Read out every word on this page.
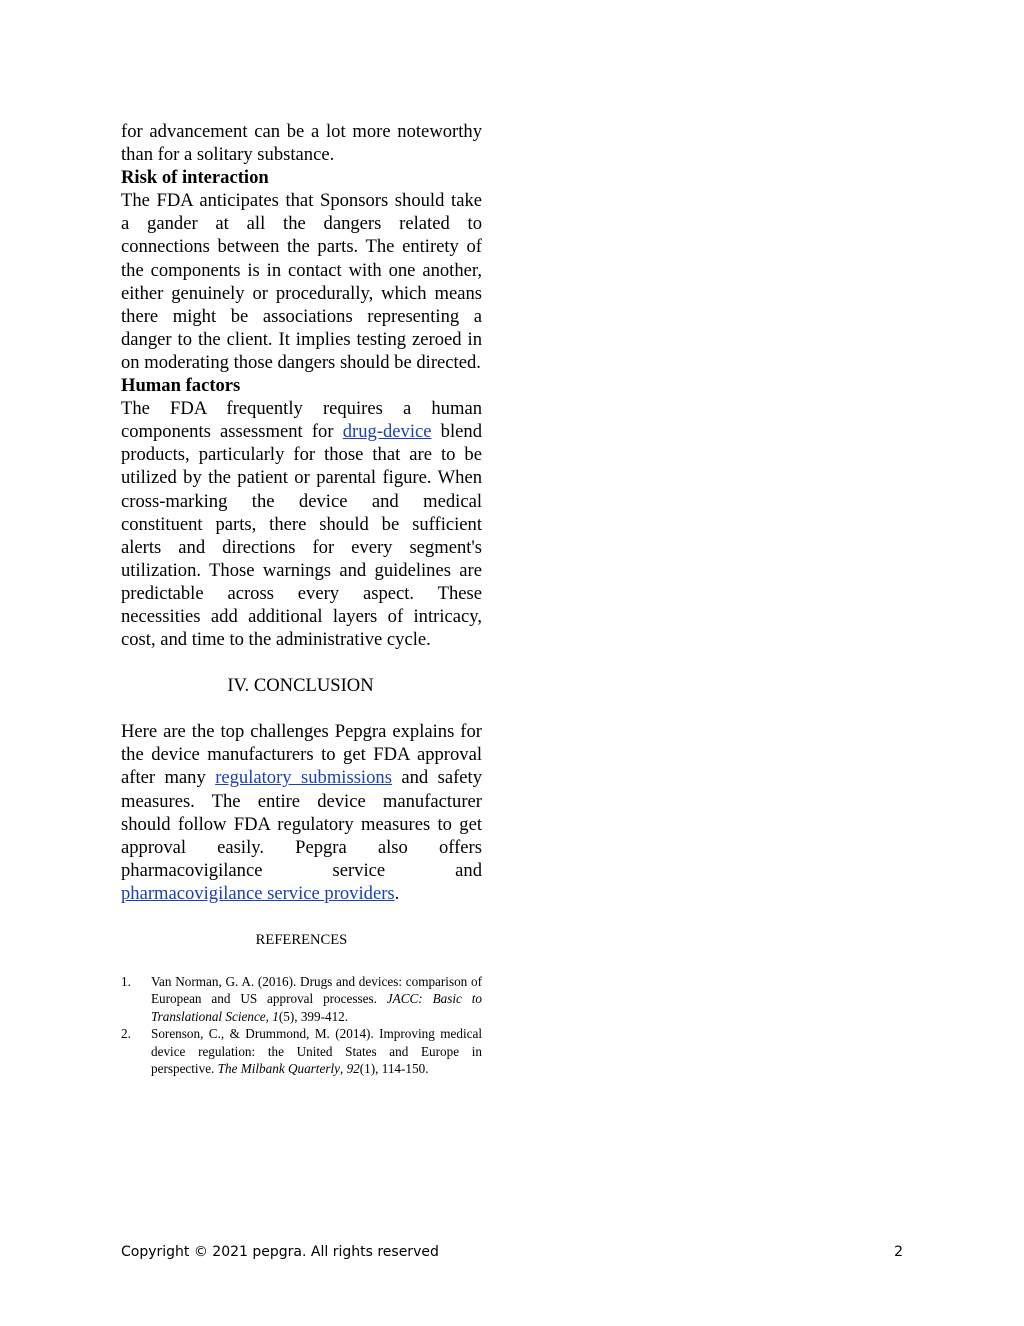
for advancement can be a lot more noteworthy than for a solitary substance.

Risk of interaction

The FDA anticipates that Sponsors should take a gander at all the dangers related to connections between the parts. The entirety of the components is in contact with one another, either genuinely or procedurally, which means there might be associations representing a danger to the client. It implies testing zeroed in on moderating those dangers should be directed.

Human factors

The FDA frequently requires a human components assessment for drug-device blend products, particularly for those that are to be utilized by the patient or parental figure. When cross-marking the device and medical constituent parts, there should be sufficient alerts and directions for every segment's utilization. Those warnings and guidelines are predictable across every aspect. These necessities add additional layers of intricacy, cost, and time to the administrative cycle.

IV. CONCLUSION

Here are the top challenges Pepgra explains for the device manufacturers to get FDA approval after many regulatory submissions and safety measures. The entire device manufacturer should follow FDA regulatory measures to get approval easily. Pepgra also offers pharmacovigilance service and pharmacovigilance service providers.

REFERENCES

1. Van Norman, G. A. (2016). Drugs and devices: comparison of European and US approval processes. JACC: Basic to Translational Science, 1(5), 399-412.
2. Sorenson, C., & Drummond, M. (2014). Improving medical device regulation: the United States and Europe in perspective. The Milbank Quarterly, 92(1), 114-150.
Copyright © 2021 pepgra. All rights reserved	2
